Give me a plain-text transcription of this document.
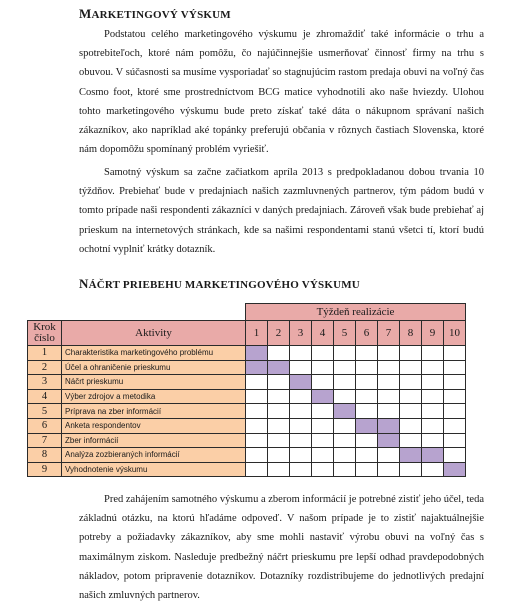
MARKETINGOVÝ VÝSKUM

Podstatou celého marketingového výskumu je zhromaždiť také informácie o trhu a spotrebiteľoch, ktoré nám pomôžu, čo najúčinnejšie usmerňovať činnosť firmy na trhu s obuvou. V súčasnosti sa musíme vysporiadať so stagnujúcim rastom predaja obuvi na voľný čas Cosmo foot, ktoré sme prostredníctvom BCG matice vyhodnotili ako naše hviezdy. Ulohou tohto marketingového výskumu bude preto získať také dáta o nákupnom správaní našich zákazníkov, ako napríklad aké topánky preferujú občania v rôznych častiach Slovenska, ktoré nám dopomôžu spomínaný problém vyriešiť.

Samotný výskum sa začne začiatkom apríla 2013 s predpokladanou dobou trvania 10 týždňov. Prebiehať bude v predajniach našich zazmluvnených partnerov, tým pádom budú v tomto prípade naši respondenti zákazníci v daných predajniach. Zároveň však bude prebiehať aj prieskum na internetových stránkach, kde sa našimi respondentami stanú všetci tí, ktorí budú ochotní vyplniť krátky dotazník.

NÁČRT PRIEBEHU MARKETINGOVÉHO VÝSKUMU
		Týždeň realizácie									
Krok
číslo	Aktivity	1	2	3	4	5	6	7	8	9	10
1	Charakteristika marketingového problému										
2	Účel a ohraničenie prieskumu										
3	Náčrt prieskumu										
4	Výber zdrojov a metodika										
5	Príprava na zber informácií										
6	Anketa respondentov										
7	Zber informácií										
8	Analýza zozbieraných informácií										
9	Vyhodnotenie výskumu										

Pred zahájením samotného výskumu a zberom informácií je potrebné zistiť jeho účel, teda základnú otázku, na ktorú hľadáme odpoveď. V našom prípade je to zistiť najaktuálnejšie potreby a požiadavky zákazníkov, aby sme mohli nastaviť výrobu obuvi na voľný čas s maximálnym ziskom. Nasleduje predbežný náčrt prieskumu pre lepší odhad pravdepodobných nákladov, potom pripravenie dotazníkov. Dotazníky rozdistribujeme do jednotlivých predajní našich zmluvných partnerov.
